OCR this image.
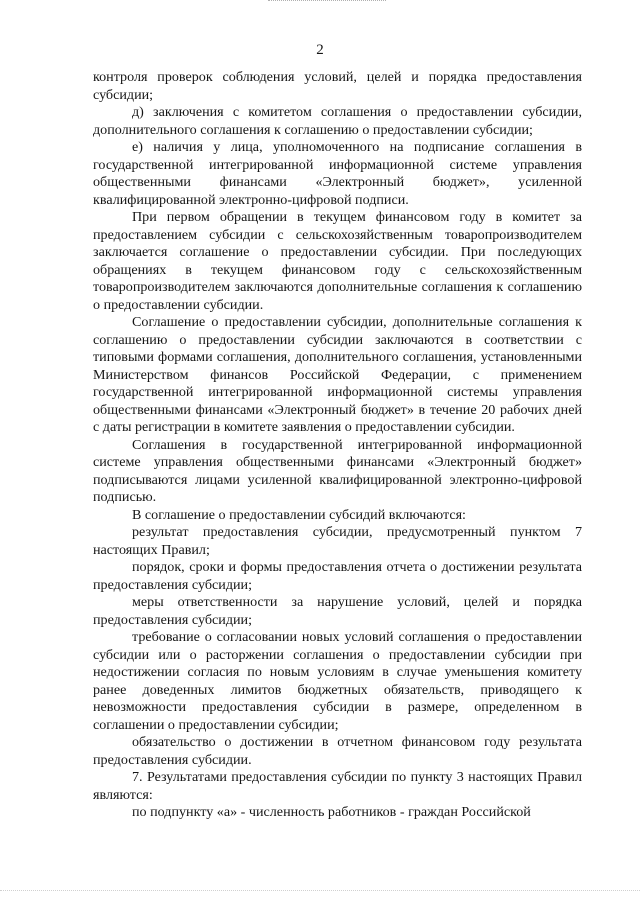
2

контроля проверок соблюдения условий, целей и порядка предоставления субсидии;

д) заключения с комитетом соглашения о предоставлении субсидии, дополнительного соглашения к соглашению о предоставлении субсидии;

е) наличия у лица, уполномоченного на подписание соглашения в государственной интегрированной информационной системе управления общественными финансами «Электронный бюджет», усиленной квалифицированной электронно-цифровой подписи.

При первом обращении в текущем финансовом году в комитет за предоставлением субсидии с сельскохозяйственным товаропроизводителем заключается соглашение о предоставлении субсидии. При последующих обращениях в текущем финансовом году с сельскохозяйственным товаропроизводителем заключаются дополнительные соглашения к соглашению о предоставлении субсидии.

Соглашение о предоставлении субсидии, дополнительные соглашения к соглашению о предоставлении субсидии заключаются в соответствии с типовыми формами соглашения, дополнительного соглашения, установленными Министерством финансов Российской Федерации, с применением государственной интегрированной информационной системы управления общественными финансами «Электронный бюджет» в течение 20 рабочих дней с даты регистрации в комитете заявления о предоставлении субсидии.

Соглашения в государственной интегрированной информационной системе управления общественными финансами «Электронный бюджет» подписываются лицами усиленной квалифицированной электронно-цифровой подписью.

В соглашение о предоставлении субсидий включаются:

результат предоставления субсидии, предусмотренный пунктом 7 настоящих Правил;

порядок, сроки и формы предоставления отчета о достижении результата предоставления субсидии;

меры ответственности за нарушение условий, целей и порядка предоставления субсидии;

требование о согласовании новых условий соглашения о предоставлении субсидии или о расторжении соглашения о предоставлении субсидии при недостижении согласия по новым условиям в случае уменьшения комитету ранее доведенных лимитов бюджетных обязательств, приводящего к невозможности предоставления субсидии в размере, определенном в соглашении о предоставлении субсидии;

обязательство о достижении в отчетном финансовом году результата предоставления субсидии.

7. Результатами предоставления субсидии по пункту 3 настоящих Правил являются:

по подпункту «а» - численность работников - граждан Российской
